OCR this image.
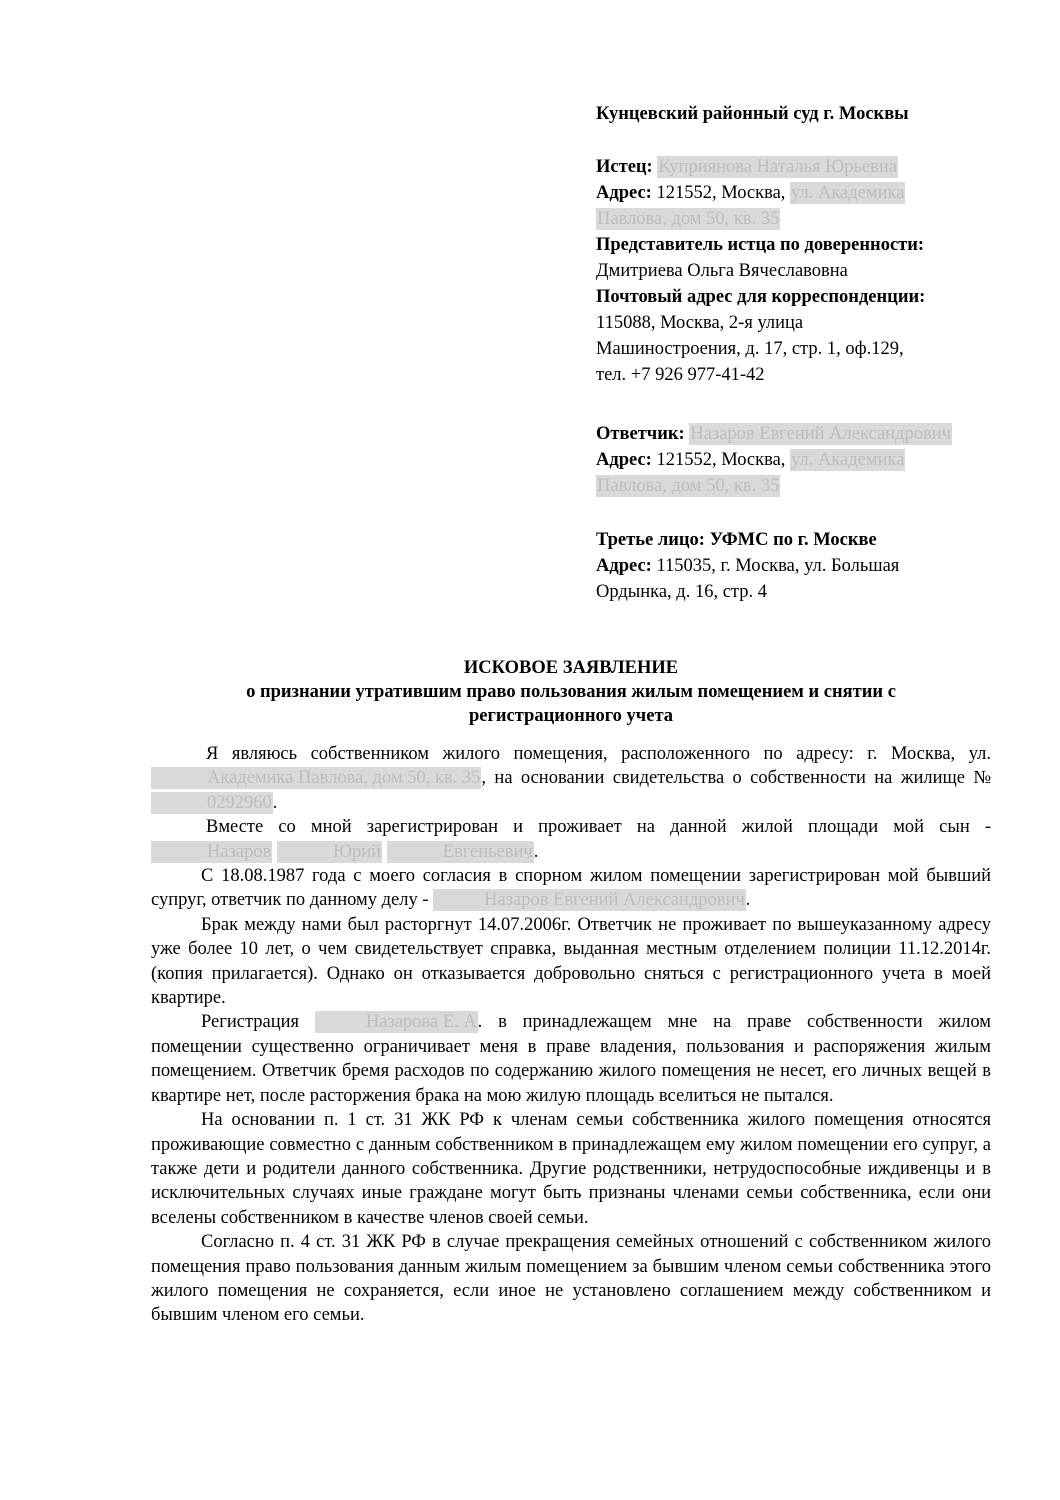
Кунцевский районный суд г. Москвы

Истец: Куприянова Наталья Юрьевна

Адрес: 121552, Москва, ул. Академика

Павлова, дом 50, кв. 35

Представитель истца по доверенности:

Дмитриева Ольга Вячеславовна

Почтовый адрес для корреспонденции:

115088, Москва, 2-я улица

Машиностроения, д. 17, стр. 1, оф.129,

тел. +7 926 977-41-42

Ответчик: Назаров Евгений Александрович

Адрес: 121552, Москва, ул. Академика

Павлова, дом 50, кв. 35

Третье лицо: УФМС по г. Москве

Адрес: 115035, г. Москва, ул. Большая

Ордынка, д. 16, стр. 4

ИСКОВОЕ ЗАЯВЛЕНИЕ

о признании утратившим право пользования жилым помещением и снятии с

регистрационного учета

Я являюсь собственником жилого помещения, расположенного по адресу: г. Москва, ул. Академика Павлова, дом 50, кв. 35, на основании свидетельства о собственности на жилище № 0292960.

Вместе со мной зарегистрирован и проживает на данной жилой площади мой сын - Назаров	Юрий	Евгеньевич.

С 18.08.1987 года с моего согласия в спорном жилом помещении зарегистрирован мой бывший супруг, ответчик по данному делу -	Назаров Евгений Александрович.

Брак между нами был расторгнут 14.07.2006г. Ответчик не проживает по вышеуказанному адресу уже более 10 лет, о чем свидетельствует справка, выданная местным отделением полиции 11.12.2014г. (копия прилагается). Однако он отказывается добровольно сняться с регистрационного учета в моей квартире.

Регистрация	Назарова Е. А. в принадлежащем мне на праве собственности жилом помещении существенно ограничивает меня в праве владения, пользования и распоряжения жилым помещением. Ответчик бремя расходов по содержанию жилого помещения не несет, его личных вещей в квартире нет, после расторжения брака на мою жилую площадь вселиться не пытался.

На основании п. 1 ст. 31 ЖК РФ к членам семьи собственника жилого помещения относятся проживающие совместно с данным собственником в принадлежащем ему жилом помещении его супруг, а также дети и родители данного собственника. Другие родственники, нетрудоспособные иждивенцы и в исключительных случаях иные граждане могут быть признаны членами семьи собственника, если они вселены собственником в качестве членов своей семьи.

Согласно п. 4 ст. 31 ЖК РФ в случае прекращения семейных отношений с собственником жилого помещения право пользования данным жилым помещением за бывшим членом семьи собственника этого жилого помещения не сохраняется, если иное не установлено соглашением между собственником и бывшим членом его семьи.
